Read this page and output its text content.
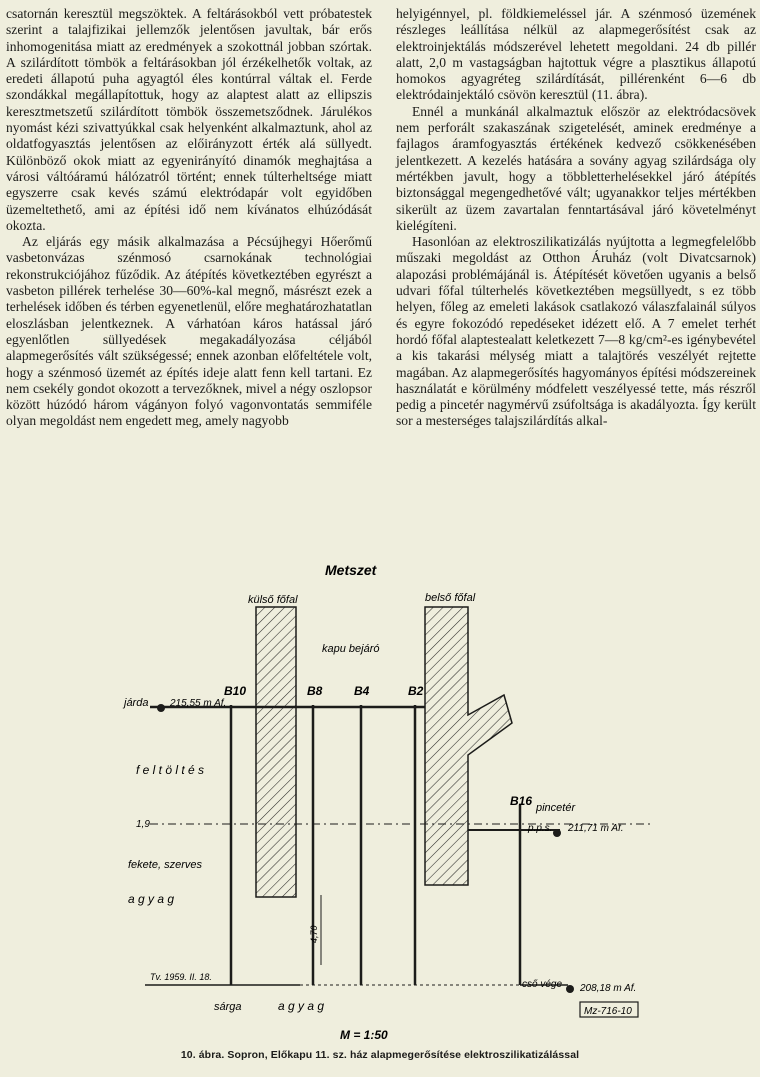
csatornán keresztül megszöktek. A feltárásokból vett próbatestek szerint a talajfizikai jellemzők jelentősen javultak, bár erős inhomogenitása miatt az eredmények a szokottnál jobban szórtak. A szilárdított tömbök a feltárásokban jól érzékelhetők voltak, az eredeti állapotú puha agyagtól éles kontúrral váltak el. Ferde szondákkal megállapítottuk, hogy az alaptest alatt az ellipszis keresztmetszetű szilárdított tömbök összemetsződnek. Járulékos nyomást kézi szivattyúkkal csak helyenként alkalmaztunk, ahol az oldatfogyasztás jelentősen az előirányzott érték alá süllyedt. Különböző okok miatt az egyenirányító dinamók meghajtása a városi váltóáramú hálózatról történt; ennek túlterheltsége miatt egyszerre csak kevés számú elektródapár volt egyidőben üzemeltethető, ami az építési idő nem kívánatos elhúzódását okozta.

Az eljárás egy másik alkalmazása a Pécsújhegyi Hőerőmű vasbetonvázas szénmosó csarnokának technológiai rekonstrukciójához fűződik. Az átépítés következtében egyrészt a vasbeton pillérek terhelése 30—60%-kal megnő, másrészt ezek a terhelések időben és térben egyenetlenül, előre meghatározhatatlan eloszlásban jelentkeznek. A várhatóan káros hatással járó egyenlőtlen süllyedések megakadályozása céljából alapmegerősítés vált szükségessé; ennek azonban előfeltétele volt, hogy a szénmosó üzemét az építés ideje alatt fenn kell tartani. Ez nem csekély gondot okozott a tervezőknek, mivel a négy oszlopsor között húzódó három vágányon folyó vagonvontatás semmiféle olyan megoldást nem engedett meg, amely nagyobb

helyigénnyel, pl. földkiemeléssel jár. A szénmosó üzemének részleges leállítása nélkül az alapmegerősítést csak az elektroinjektálás módszerével lehetett megoldani. 24 db pillér alatt, 2,0 m vastagságban hajtottuk végre a plasztikus állapotú homokos agyagréteg szilárdítását, pillérenként 6—6 db elektródainjektáló csövön keresztül (11. ábra).

Ennél a munkánál alkalmaztuk először az elektródacsövek nem perforált szakaszának szigetelését, aminek eredménye a fajlagos áramfogyasztás értékének kedvező csökkenésében jelentkezett. A kezelés hatására a sovány agyag szilárdsága oly mértékben javult, hogy a többletterhelésekkel járó átépítés biztonsággal megengedhetővé vált; ugyanakkor teljes mértékben sikerült az üzem zavartalan fenntartásával járó követelményt kielégíteni.

Hasonlóan az elektroszilikatizálás nyújtotta a legmegfelelőbb műszaki megoldást az Otthon Áruház (volt Divatcsarnok) alapozási problémájánál is. Átépítését követően ugyanis a belső udvari főfal túlterhelés következtében megsüllyedt, s ez több helyen, főleg az emeleti lakások csatlakozó válaszfalainál súlyos és egyre fokozódó repedéseket idézett elő. A 7 emelet terhét hordó főfal alaptestealatt keletkezett 7—8 kg/cm²-es igénybevétel a kis takarási mélység miatt a talajtörés veszélyét rejtette magában. Az alapmegerősítés hagyományos építési módszereinek használatát e körülmény módfelett veszélyessé tette, más részről pedig a pincetér nagymérvű zsúfoltsága is akadályozta. Így került sor a mesterséges talajszilárdítás alkal-

Metszet
külső főfal	belső főfal
kapu bejáró
járda 215,55 m Af.
B10	B8	B4	B2
B16 pincetér
p.p.s. 211,71 m Af.
f e l t ö l t é s
1,9
fekete, szerves
a g y a g
4,70
Tv. 1959. II. 18.
cső vége 208,18 m Af.
sárga	a g y a g	Mz-716-10
M = 1:50
10. ábra. Sopron, Előkapu 11. sz. ház alapmegerősítése elektroszilikatizálással
